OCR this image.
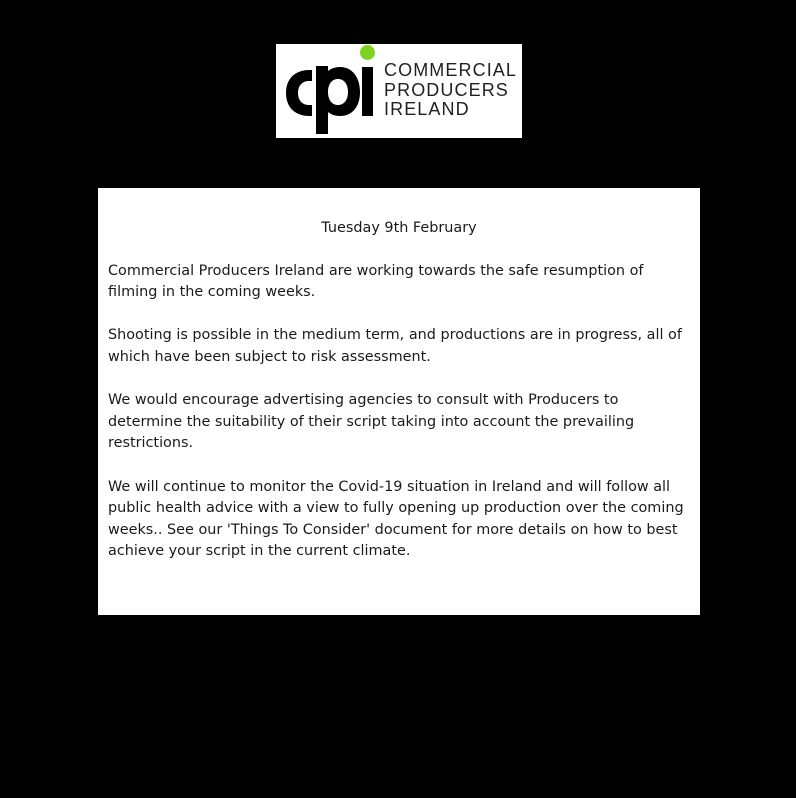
COMMERCIAL
PRODUCERS
IRELAND
Tuesday 9th February
Commercial Producers Ireland are working towards the safe resumption of filming in the coming weeks.
Shooting is possible in the medium term, and productions are in progress, all of which have been subject to risk assessment.
We would encourage advertising agencies to consult with Producers to determine the suitability of their script taking into account the prevailing restrictions.
We will continue to monitor the Covid-19 situation in Ireland and will follow all public health advice with a view to fully opening up production over the coming weeks.. See our 'Things To Consider' document for more details on how to best achieve your script in the current climate.
